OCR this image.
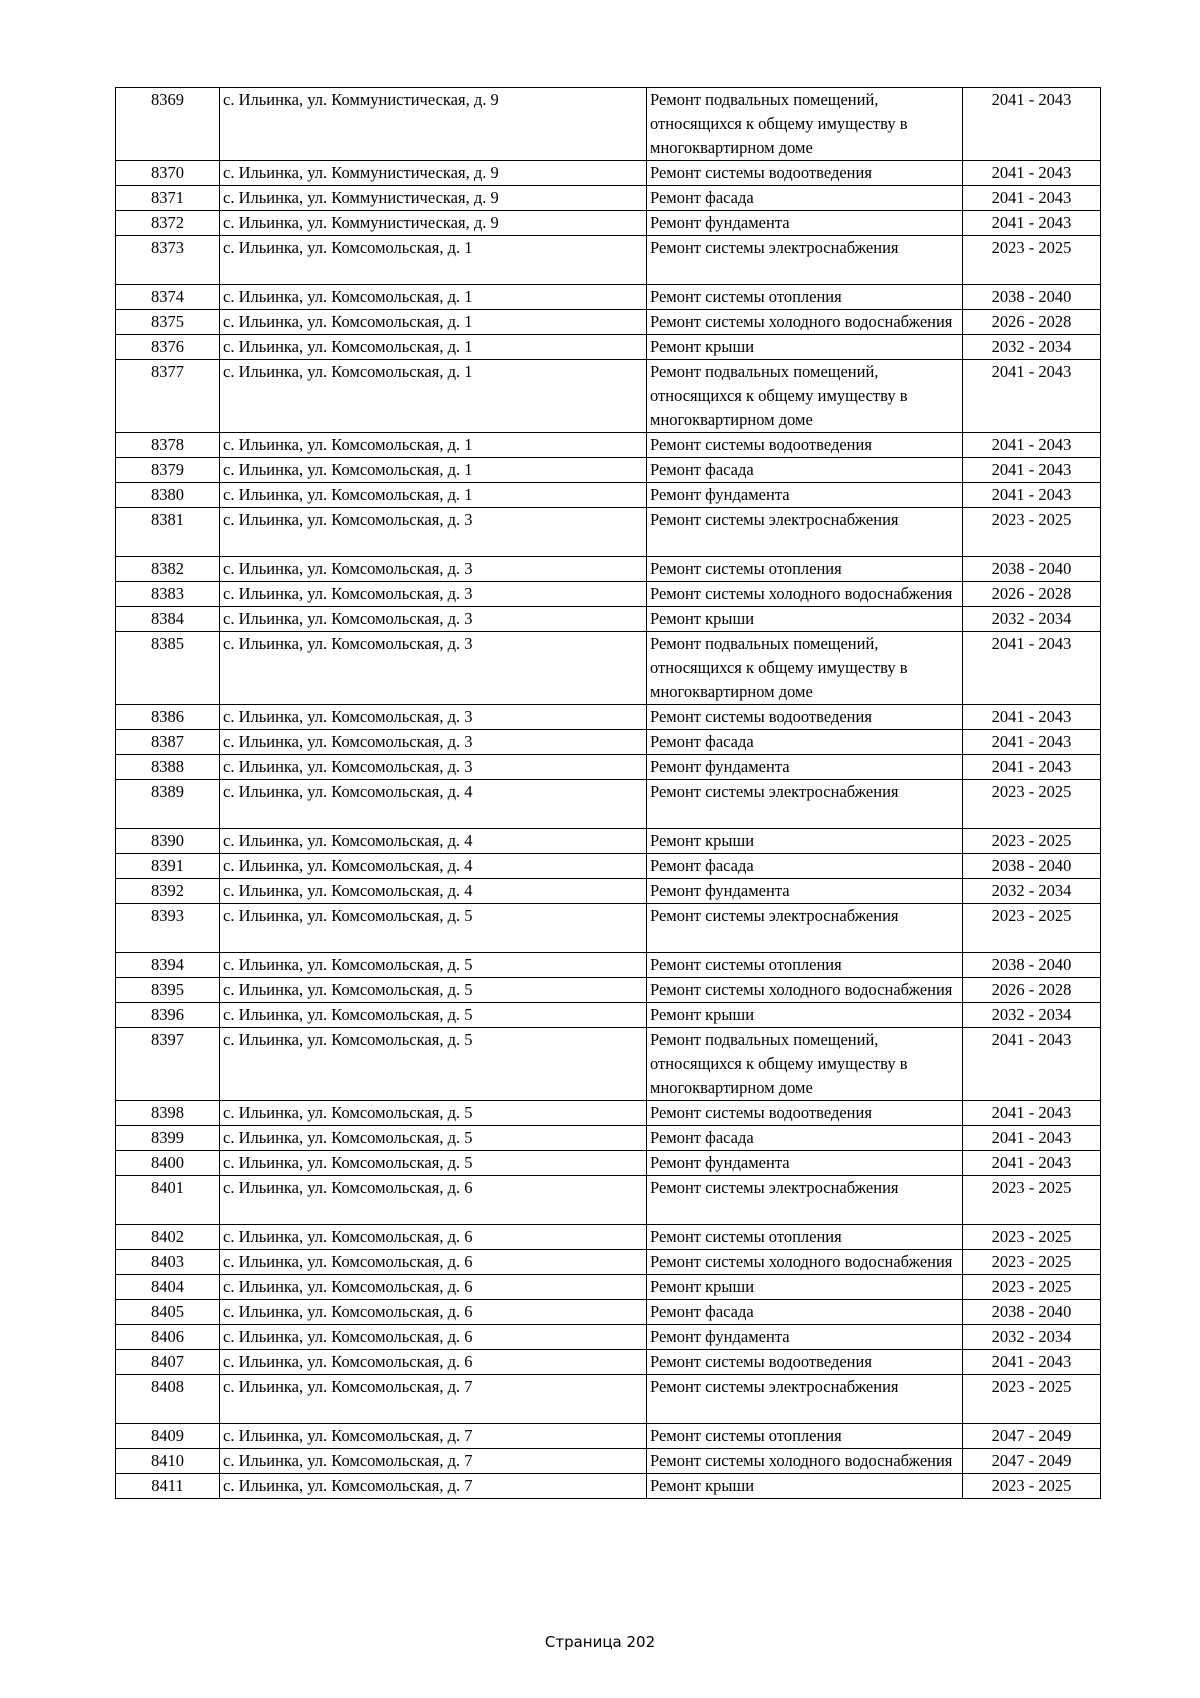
8369	с. Ильинка, ул. Коммунистическая, д. 9	Ремонт подвальных помещений, относящихся к общему имуществу в многоквартирном доме	2041 - 2043
8370	с. Ильинка, ул. Коммунистическая, д. 9	Ремонт системы водоотведения	2041 - 2043
8371	с. Ильинка, ул. Коммунистическая, д. 9	Ремонт фасада	2041 - 2043
8372	с. Ильинка, ул. Коммунистическая, д. 9	Ремонт фундамента	2041 - 2043
8373	с. Ильинка, ул. Комсомольская, д. 1	Ремонт системы электроснабжения	2023 - 2025
8374	с. Ильинка, ул. Комсомольская, д. 1	Ремонт системы отопления	2038 - 2040
8375	с. Ильинка, ул. Комсомольская, д. 1	Ремонт системы холодного водоснабжения	2026 - 2028
8376	с. Ильинка, ул. Комсомольская, д. 1	Ремонт крыши	2032 - 2034
8377	с. Ильинка, ул. Комсомольская, д. 1	Ремонт подвальных помещений, относящихся к общему имуществу в многоквартирном доме	2041 - 2043
8378	с. Ильинка, ул. Комсомольская, д. 1	Ремонт системы водоотведения	2041 - 2043
8379	с. Ильинка, ул. Комсомольская, д. 1	Ремонт фасада	2041 - 2043
8380	с. Ильинка, ул. Комсомольская, д. 1	Ремонт фундамента	2041 - 2043
8381	с. Ильинка, ул. Комсомольская, д. 3	Ремонт системы электроснабжения	2023 - 2025
8382	с. Ильинка, ул. Комсомольская, д. 3	Ремонт системы отопления	2038 - 2040
8383	с. Ильинка, ул. Комсомольская, д. 3	Ремонт системы холодного водоснабжения	2026 - 2028
8384	с. Ильинка, ул. Комсомольская, д. 3	Ремонт крыши	2032 - 2034
8385	с. Ильинка, ул. Комсомольская, д. 3	Ремонт подвальных помещений, относящихся к общему имуществу в многоквартирном доме	2041 - 2043
8386	с. Ильинка, ул. Комсомольская, д. 3	Ремонт системы водоотведения	2041 - 2043
8387	с. Ильинка, ул. Комсомольская, д. 3	Ремонт фасада	2041 - 2043
8388	с. Ильинка, ул. Комсомольская, д. 3	Ремонт фундамента	2041 - 2043
8389	с. Ильинка, ул. Комсомольская, д. 4	Ремонт системы электроснабжения	2023 - 2025
8390	с. Ильинка, ул. Комсомольская, д. 4	Ремонт крыши	2023 - 2025
8391	с. Ильинка, ул. Комсомольская, д. 4	Ремонт фасада	2038 - 2040
8392	с. Ильинка, ул. Комсомольская, д. 4	Ремонт фундамента	2032 - 2034
8393	с. Ильинка, ул. Комсомольская, д. 5	Ремонт системы электроснабжения	2023 - 2025
8394	с. Ильинка, ул. Комсомольская, д. 5	Ремонт системы отопления	2038 - 2040
8395	с. Ильинка, ул. Комсомольская, д. 5	Ремонт системы холодного водоснабжения	2026 - 2028
8396	с. Ильинка, ул. Комсомольская, д. 5	Ремонт крыши	2032 - 2034
8397	с. Ильинка, ул. Комсомольская, д. 5	Ремонт подвальных помещений, относящихся к общему имуществу в многоквартирном доме	2041 - 2043
8398	с. Ильинка, ул. Комсомольская, д. 5	Ремонт системы водоотведения	2041 - 2043
8399	с. Ильинка, ул. Комсомольская, д. 5	Ремонт фасада	2041 - 2043
8400	с. Ильинка, ул. Комсомольская, д. 5	Ремонт фундамента	2041 - 2043
8401	с. Ильинка, ул. Комсомольская, д. 6	Ремонт системы электроснабжения	2023 - 2025
8402	с. Ильинка, ул. Комсомольская, д. 6	Ремонт системы отопления	2023 - 2025
8403	с. Ильинка, ул. Комсомольская, д. 6	Ремонт системы холодного водоснабжения	2023 - 2025
8404	с. Ильинка, ул. Комсомольская, д. 6	Ремонт крыши	2023 - 2025
8405	с. Ильинка, ул. Комсомольская, д. 6	Ремонт фасада	2038 - 2040
8406	с. Ильинка, ул. Комсомольская, д. 6	Ремонт фундамента	2032 - 2034
8407	с. Ильинка, ул. Комсомольская, д. 6	Ремонт системы водоотведения	2041 - 2043
8408	с. Ильинка, ул. Комсомольская, д. 7	Ремонт системы электроснабжения	2023 - 2025
8409	с. Ильинка, ул. Комсомольская, д. 7	Ремонт системы отопления	2047 - 2049
8410	с. Ильинка, ул. Комсомольская, д. 7	Ремонт системы холодного водоснабжения	2047 - 2049
8411	с. Ильинка, ул. Комсомольская, д. 7	Ремонт крыши	2023 - 2025
Страница 202
